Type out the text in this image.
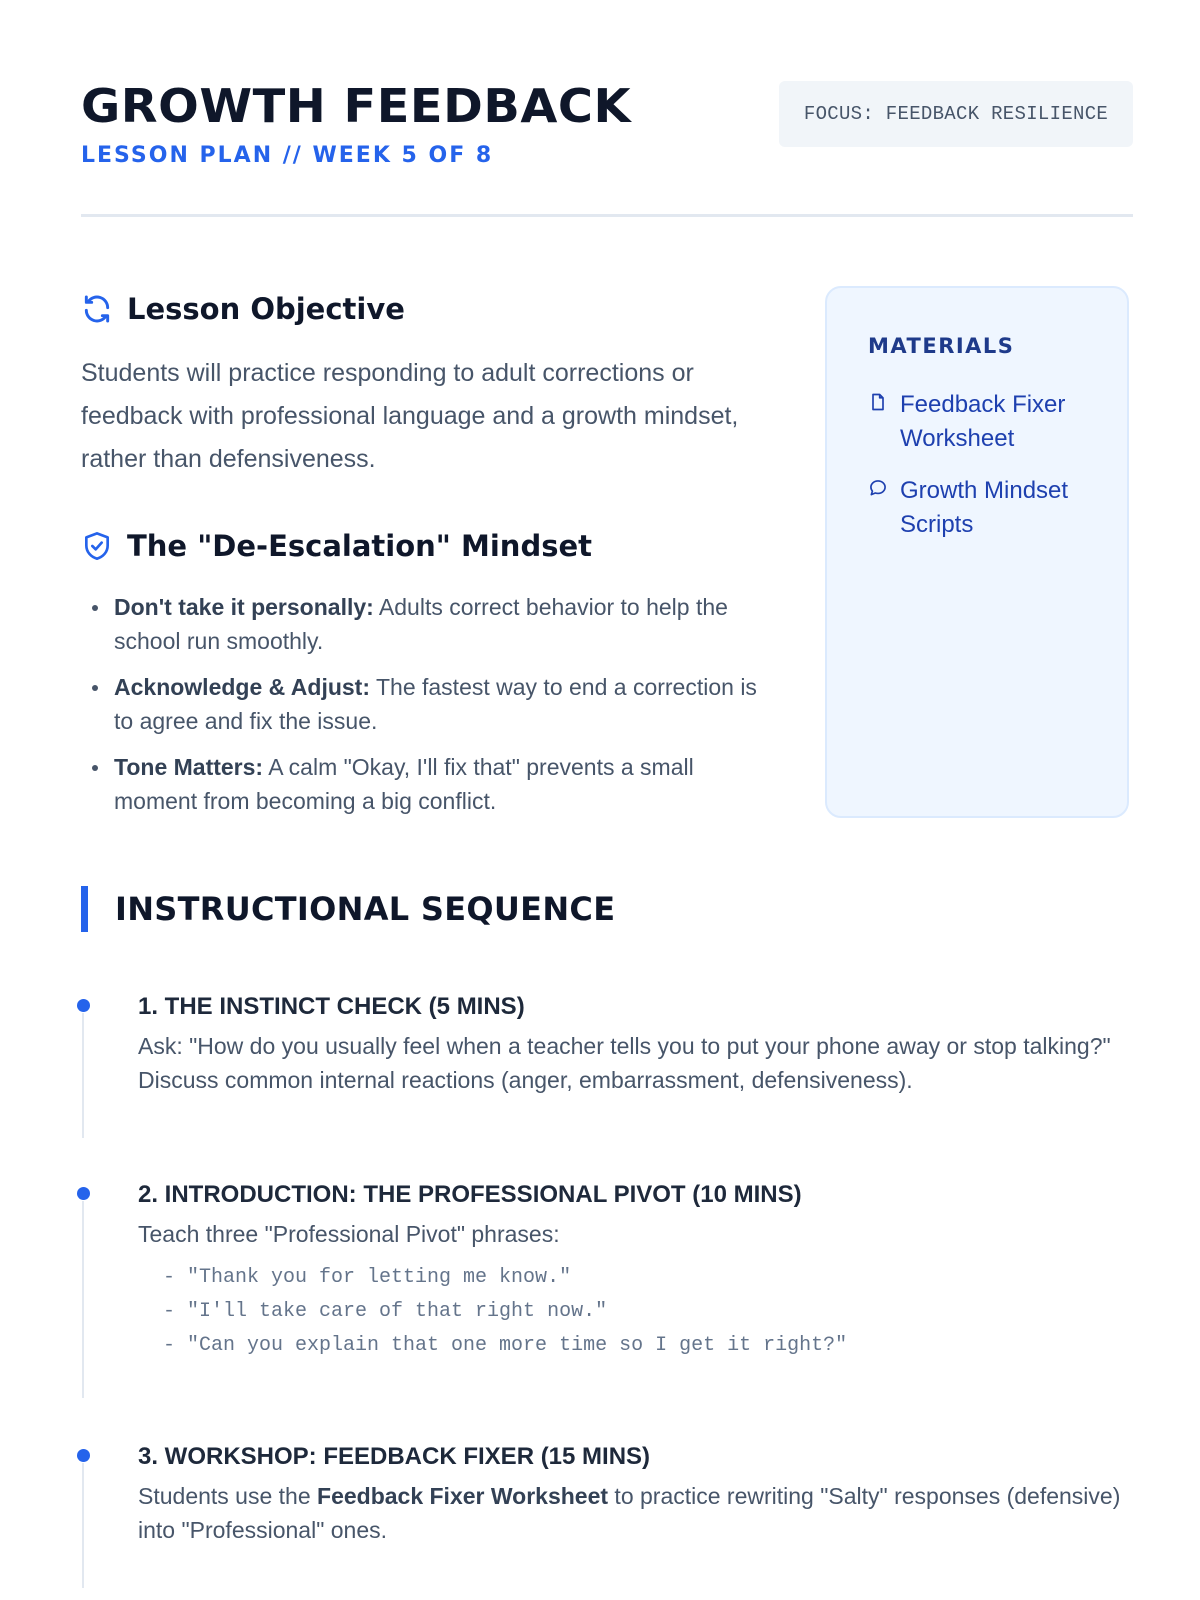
GROWTH FEEDBACK
LESSON PLAN // WEEK 5 OF 8
FOCUS: FEEDBACK RESILIENCE
Lesson Objective

Students will practice responding to adult corrections or feedback with professional language and a growth mindset, rather than defensiveness.

The "De-Escalation" Mindset
Don't take it personally: Adults correct behavior to help the school run smoothly.
Acknowledge & Adjust: The fastest way to end a correction is to agree and fix the issue.
Tone Matters: A calm "Okay, I'll fix that" prevents a small moment from becoming a big conflict.
MATERIALS
Feedback Fixer Worksheet
Growth Mindset Scripts
INSTRUCTIONAL SEQUENCE
1. THE INSTINCT CHECK (5 MINS)
Ask: "How do you usually feel when a teacher tells you to put your phone away or stop talking?" Discuss common internal reactions (anger, embarrassment, defensiveness).
2. INTRODUCTION: THE PROFESSIONAL PIVOT (10 MINS)
Teach three "Professional Pivot" phrases:
- "Thank you for letting me know."
- "I'll take care of that right now."
- "Can you explain that one more time so I get it right?"
3. WORKSHOP: FEEDBACK FIXER (15 MINS)
Students use the Feedback Fixer Worksheet to practice rewriting "Salty" responses (defensive) into "Professional" ones.
